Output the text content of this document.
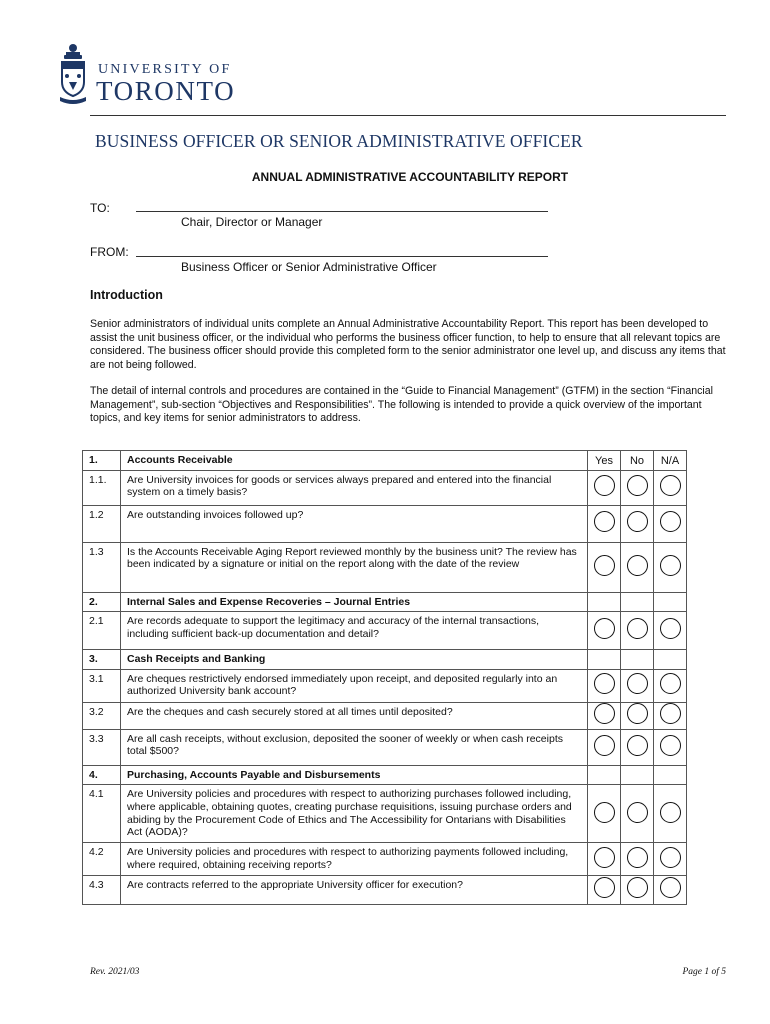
UNIVERSITY OF
TORONTO
BUSINESS OFFICER OR SENIOR ADMINISTRATIVE OFFICER
ANNUAL ADMINISTRATIVE ACCOUNTABILITY REPORT
TO:
Chair, Director or Manager
FROM:
Business Officer or Senior Administrative Officer
Introduction
Senior administrators of individual units complete an Annual Administrative Accountability Report. This report has been developed to assist the unit business officer, or the individual who performs the business officer function, to help to ensure that all relevant topics are considered. The business officer should provide this completed form to the senior administrator one level up, and discuss any items that are not being followed.
The detail of internal controls and procedures are contained in the “Guide to Financial Management” (GTFM) in the section “Financial Management”, sub-section “Objectives and Responsibilities”. The following is intended to provide a quick overview of the important topics, and key items for senior administrators to address.
1.	Accounts Receivable	Yes	No	N/A
1.1.	Are University invoices for goods or services always prepared and entered into the financial system on a timely basis?			
1.2	Are outstanding invoices followed up?			
1.3	Is the Accounts Receivable Aging Report reviewed monthly by the business unit? The review has been indicated by a signature or initial on the report along with the date of the review			
2.	Internal Sales and Expense Recoveries – Journal Entries			
2.1	Are records adequate to support the legitimacy and accuracy of the internal transactions, including sufficient back-up documentation and detail?			
3.	Cash Receipts and Banking			
3.1	Are cheques restrictively endorsed immediately upon receipt, and deposited regularly into an authorized University bank account?			
3.2	Are the cheques and cash securely stored at all times until deposited?			
3.3	Are all cash receipts, without exclusion, deposited the sooner of weekly or when cash receipts total $500?			
4.	Purchasing, Accounts Payable and Disbursements			
4.1	Are University policies and procedures with respect to authorizing purchases followed including, where applicable, obtaining quotes, creating purchase requisitions, issuing purchase orders and abiding by the Procurement Code of Ethics and The Accessibility for Ontarians with Disabilities Act (AODA)?			
4.2	Are University policies and procedures with respect to authorizing payments followed including, where required, obtaining receiving reports?			
4.3	Are contracts referred to the appropriate University officer for execution?			
Rev. 2021/03	Page 1 of 5
